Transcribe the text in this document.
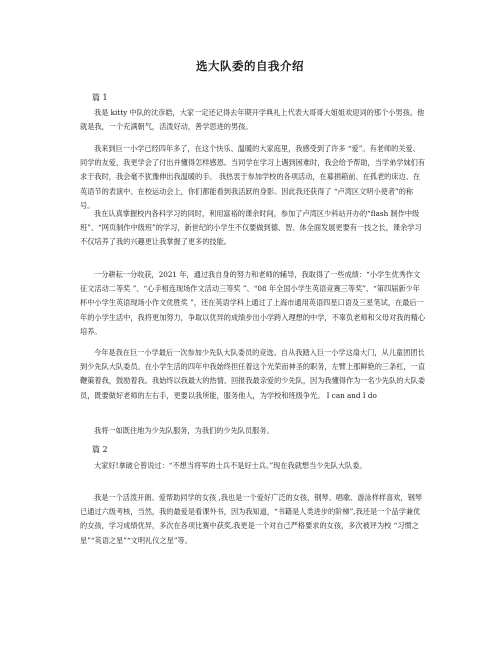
选大队委的自我介绍
篇 1

我是 kitty 中队的沈彦皓，大家一定还记得去年期开学典礼上代表大哥哥大姐姐欢迎词的那个小男孩。他就是我，一个充满朝气，活泼好动，善学思进的男孩。

我来到巨一小学已经四年多了，在这个快乐、温暖的大家庭里，我感受到了许多 “爱”。有老师的关爱、同学的友爱，我更学会了付出并懂得怎样感恩。当同学在学习上遇到困难时，我会给予帮助，当学弟学妹们有求于我时，我会毫不犹豫伸出我温暖的手。 我热衷于参加学校的各项活动，在募捐箱前、在孤老的床边、在英语节的表演中、在校运动会上，你们都能看到我活跃的身影。因此我还获得了 “卢湾区文明小使者”的称号。

我在认真掌握校内各科学习的同时，利用富裕的课余时间，参加了卢湾区少科站开办的“flash 制作中级班”、“网页制作中级班”的学习，新世纪的小学生不仅要做到德、智、体全面发展更要有一技之长，课余学习不仅培养了我的兴趣更让我掌握了更多的技能。

一分耕耘一分收获，2021 年，通过我自身的努力和老师的辅导，我取得了一些成绩：“小学生优秀作文征文活动二等奖 ”、“心手相连现场作文活动三等奖 ”、“08 年全国小学生英语竞赛三等奖”、“第四届新少年杯中小学生英语现场小作文优胜奖 ”，还在英语学科上通过了上海市通用英语四星口语及三星笔试，在最后一年的小学生活中，我将更加努力，争取以优异的成绩步出小学跨入理想的中学，不辜负老师和父母对我的精心培养。

今年是我在巨一小学最后一次参加少先队大队委员的竞选。自从我踏入巨一小学这扇大门，从儿童团团长到少先队大队委员。在小学生活的四年中我始终担任着这个光荣而神圣的职务，左臂上那鲜艳的三条杠，一直鞭策着我，鼓励着我。我始终以我最大的热情、回报我最亲爱的少先队，因为我懂得作为一名少先队的大队委员，既要做好老师的左右手，更要以我所能，服务他人，为学校和班级争光。 I can and I do

我将一如既往地为少先队服务，为我们的少先队员服务。

篇 2

大家好!拿破仑曾说过：“不想当将军的士兵不是好士兵。”现在我就想当少先队大队委。

我是一个活泼开朗、爱帮助同学的女孩 ,我也是一个爱好广泛的女孩，钢琴、唱歌、游泳样样喜欢，钢琴已通过六级考核，当然，我的最爱是看课外书，因为我知道，“书籍是人类进步的阶梯”,我还是一个品学兼优的女孩，学习成绩优异，多次在各项比赛中获奖,我更是一个对自己严格要求的女孩，多次被评为校 “习惯之星”“英语之星”“文明礼仪之星”等。
